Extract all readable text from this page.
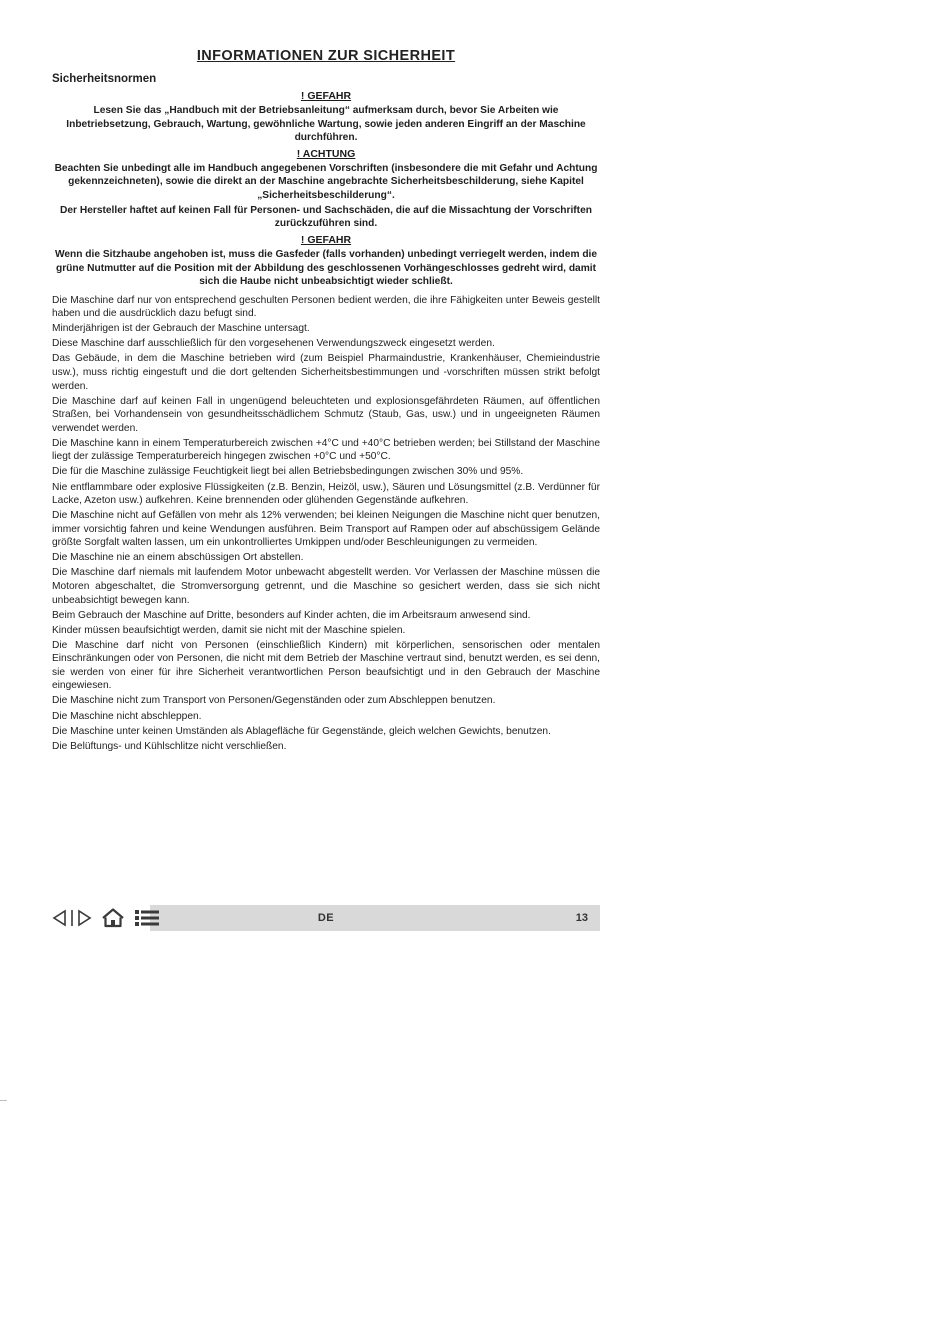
INFORMATIONEN ZUR SICHERHEIT
Sicherheitsnormen

! GEFAHR

Lesen Sie das „Handbuch mit der Betriebsanleitung“ aufmerksam durch, bevor Sie Arbeiten wie Inbetriebsetzung, Gebrauch, Wartung, gewöhnliche Wartung, sowie jeden anderen Eingriff an der Maschine durchführen.

! ACHTUNG

Beachten Sie unbedingt alle im Handbuch angegebenen Vorschriften (insbesondere die mit Gefahr und Achtung gekennzeichneten), sowie die direkt an der Maschine angebrachte Sicherheitsbeschilderung, siehe Kapitel „Sicherheitsbeschilderung“.

Der Hersteller haftet auf keinen Fall für Personen- und Sachschäden, die auf die Missachtung der Vorschriften zurückzuführen sind.

! GEFAHR

Wenn die Sitzhaube angehoben ist, muss die Gasfeder (falls vorhanden) unbedingt verriegelt werden, indem die grüne Nutmutter auf die Position mit der Abbildung des geschlossenen Vorhängeschlosses gedreht wird, damit sich die Haube nicht unbeabsichtigt wieder schließt.

Die Maschine darf nur von entsprechend geschulten Personen bedient werden, die ihre Fähigkeiten unter Beweis gestellt haben und die ausdrücklich dazu befugt sind.

Minderjährigen ist der Gebrauch der Maschine untersagt.

Diese Maschine darf ausschließlich für den vorgesehenen Verwendungszweck eingesetzt werden.

Das Gebäude, in dem die Maschine betrieben wird (zum Beispiel Pharmaindustrie, Krankenhäuser, Chemieindustrie usw.), muss richtig eingestuft und die dort geltenden Sicherheitsbestimmungen und -vorschriften müssen strikt befolgt werden.

Die Maschine darf auf keinen Fall in ungenügend beleuchteten und explosionsgefährdeten Räumen, auf öffentlichen Straßen, bei Vorhandensein von gesundheitsschädlichem Schmutz (Staub, Gas, usw.) und in ungeeigneten Räumen verwendet werden.

Die Maschine kann in einem Temperaturbereich zwischen +4°C und +40°C betrieben werden; bei Stillstand der Maschine liegt der zulässige Temperaturbereich hingegen zwischen +0°C und +50°C.

Die für die Maschine zulässige Feuchtigkeit liegt bei allen Betriebsbedingungen zwischen 30% und 95%.

Nie entflammbare oder explosive Flüssigkeiten (z.B. Benzin, Heizöl, usw.), Säuren und Lösungsmittel (z.B. Verdünner für Lacke, Azeton usw.) aufkehren. Keine brennenden oder glühenden Gegenstände aufkehren.

Die Maschine nicht auf Gefällen von mehr als 12% verwenden; bei kleinen Neigungen die Maschine nicht quer benutzen, immer vorsichtig fahren und keine Wendungen ausführen. Beim Transport auf Rampen oder auf abschüssigem Gelände größte Sorgfalt walten lassen, um ein unkontrolliertes Umkippen und/oder Beschleunigungen zu vermeiden.

Die Maschine nie an einem abschüssigen Ort abstellen.

Die Maschine darf niemals mit laufendem Motor unbewacht abgestellt werden. Vor Verlassen der Maschine müssen die Motoren abgeschaltet, die Stromversorgung getrennt, und die Maschine so gesichert werden, dass sie sich nicht unbeabsichtigt bewegen kann.

Beim Gebrauch der Maschine auf Dritte, besonders auf Kinder achten, die im Arbeitsraum anwesend sind.

Kinder müssen beaufsichtigt werden, damit sie nicht mit der Maschine spielen.

Die Maschine darf nicht von Personen (einschließlich Kindern) mit körperlichen, sensorischen oder mentalen Einschränkungen oder von Personen, die nicht mit dem Betrieb der Maschine vertraut sind, benutzt werden, es sei denn, sie werden von einer für ihre Sicherheit verantwortlichen Person beaufsichtigt und in den Gebrauch der Maschine eingewiesen.

Die Maschine nicht zum Transport von Personen/Gegenständen oder zum Abschleppen benutzen.

Die Maschine nicht abschleppen.

Die Maschine unter keinen Umständen als Ablagefläche für Gegenstände, gleich welchen Gewichts, benutzen.

Die Belüftungs- und Kühlschlitze nicht verschließen.

DE	13
